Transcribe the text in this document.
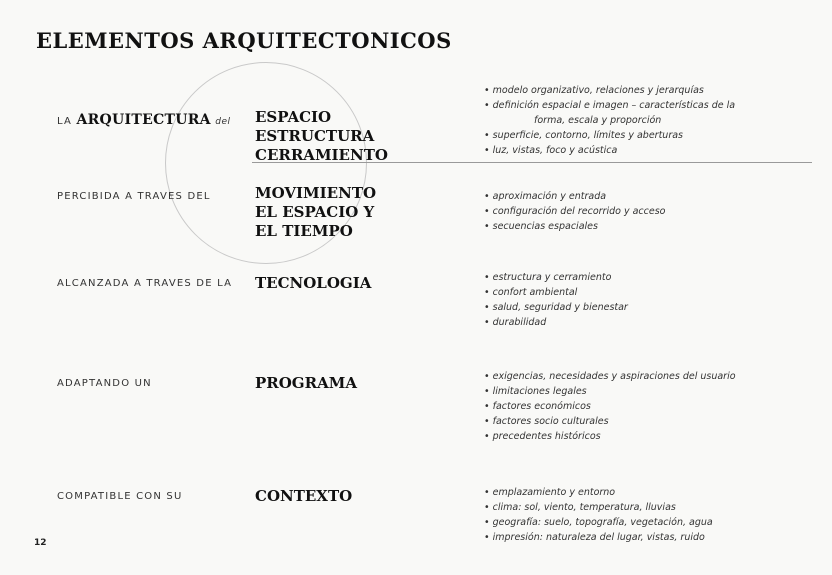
ELEMENTOS ARQUITECTONICOS
LA ARQUITECTURA del ESPACIO
ESTRUCTURA
CERRAMIENTO
• modelo organizativo, relaciones y jerarquías
• definición espacial e imagen – características de la
forma, escala y proporción
• superficie, contorno, límites y aberturas
• luz, vistas, foco y acústica
PERCIBIDA A TRAVES DEL	MOVIMIENTO
EL ESPACIO Y
EL TIEMPO
• aproximación y entrada
• configuración del recorrido y acceso
• secuencias espaciales
ALCANZADA A TRAVES DE LA TECNOLOGIA	• estructura y cerramiento
• confort ambiental
• salud, seguridad y bienestar
• durabilidad
ADAPTANDO UN	PROGRAMA	• exigencias, necesidades y aspiraciones del usuario
• limitaciones legales
• factores económicos
• factores socio culturales
• precedentes históricos
COMPATIBLE CON SU	CONTEXTO	• emplazamiento y entorno
• clima: sol, viento, temperatura, lluvias
• geografía: suelo, topografía, vegetación, agua
• impresión: naturaleza del lugar, vistas, ruido
12
